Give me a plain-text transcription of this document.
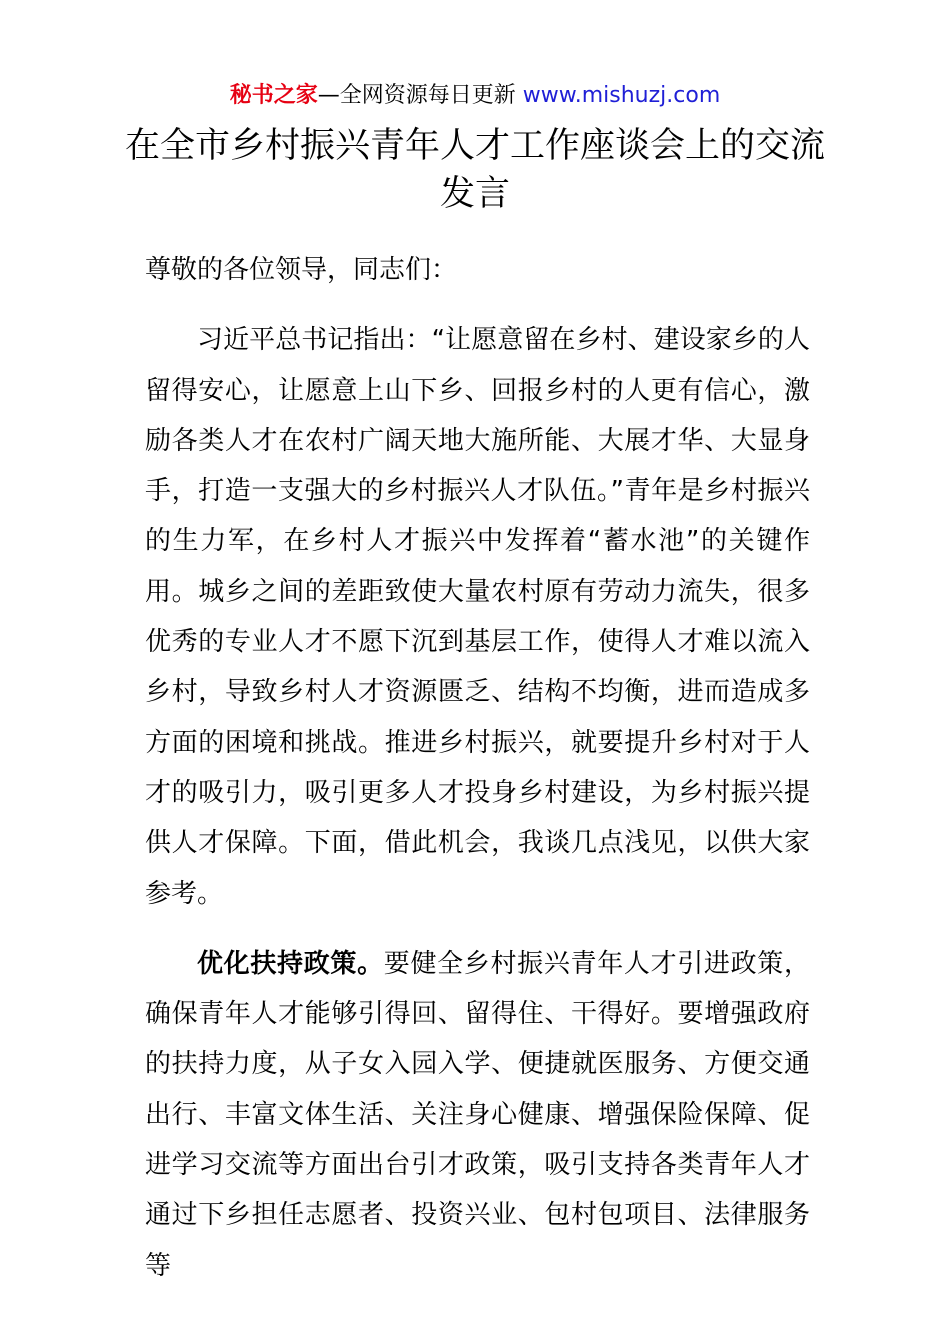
秘书之家—全网资源每日更新 www.mishuzj.com
在全市乡村振兴青年人才工作座谈会上的交流发言

尊敬的各位领导，同志们：

习近平总书记指出：“让愿意留在乡村、建设家乡的人留得安心，让愿意上山下乡、回报乡村的人更有信心，激励各类人才在农村广阔天地大施所能、大展才华、大显身手，打造一支强大的乡村振兴人才队伍。”青年是乡村振兴的生力军，在乡村人才振兴中发挥着“蓄水池”的关键作用。城乡之间的差距致使大量农村原有劳动力流失，很多优秀的专业人才不愿下沉到基层工作，使得人才难以流入乡村，导致乡村人才资源匮乏、结构不均衡，进而造成多方面的困境和挑战。推进乡村振兴，就要提升乡村对于人才的吸引力，吸引更多人才投身乡村建设，为乡村振兴提供人才保障。下面，借此机会，我谈几点浅见，以供大家参考。

优化扶持政策。要健全乡村振兴青年人才引进政策，确保青年人才能够引得回、留得住、干得好。要增强政府的扶持力度，从子女入园入学、便捷就医服务、方便交通出行、丰富文体生活、关注身心健康、增强保险保障、促进学习交流等方面出台引才政策，吸引支持各类青年人才通过下乡担任志愿者、投资兴业、包村包项目、法律服务等
